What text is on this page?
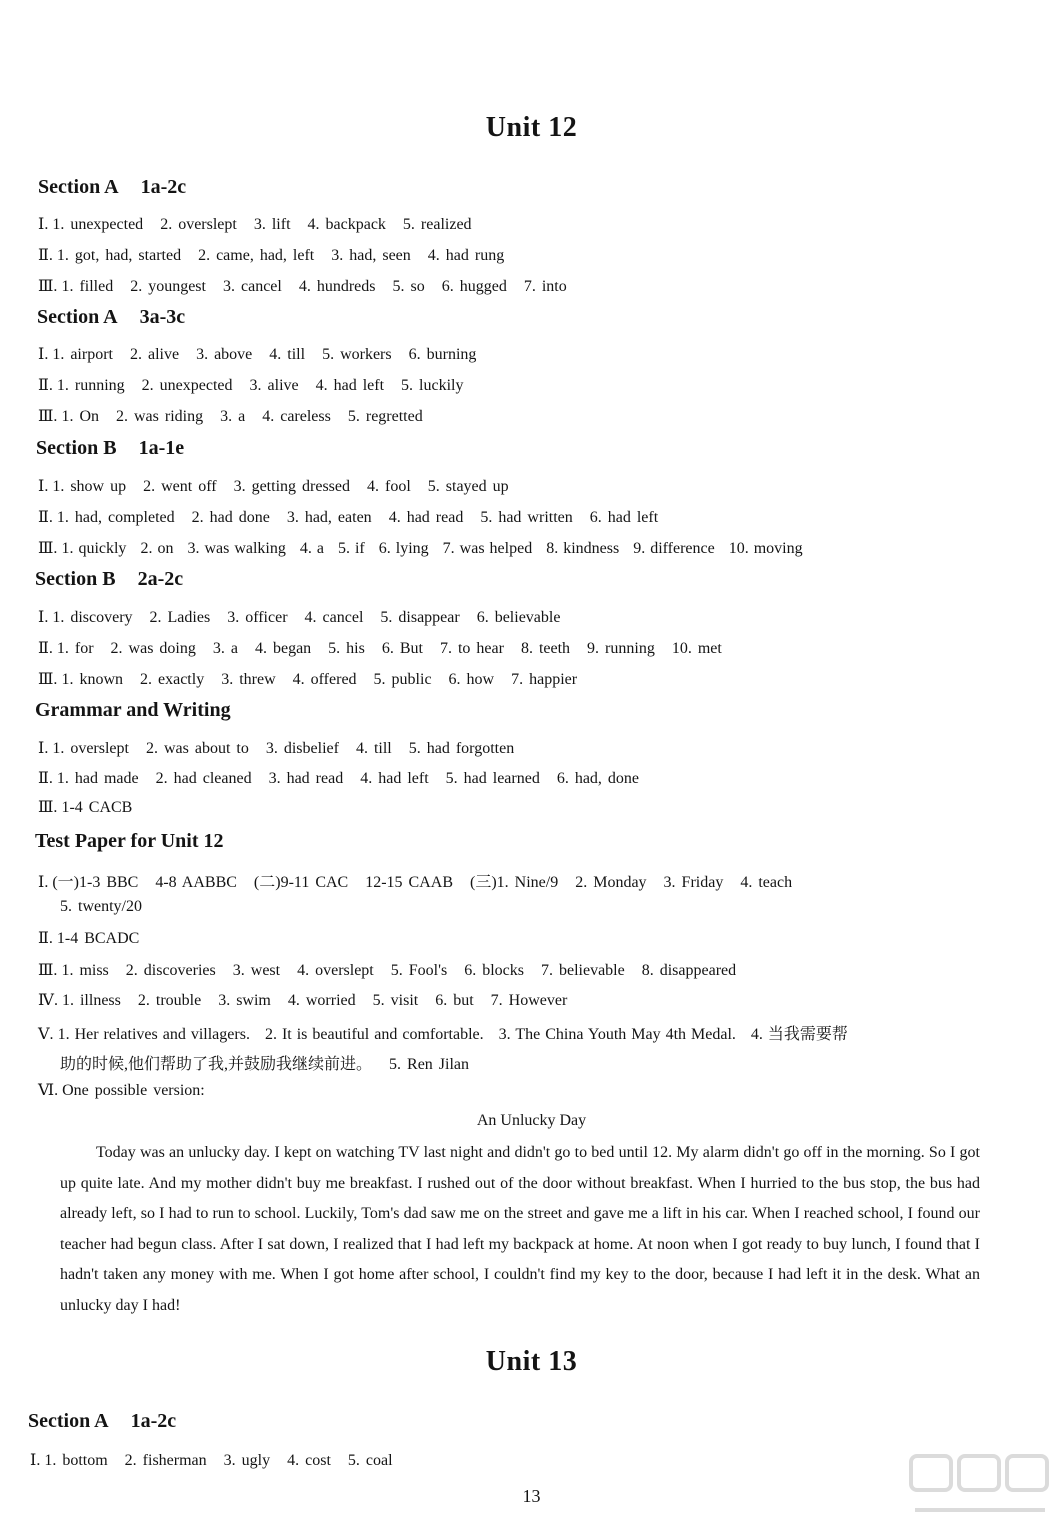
Unit 12
Section A 1a-2c
Ⅰ. 1. unexpected 2. overslept 3. lift 4. backpack 5. realized
Ⅱ. 1. got, had, started 2. came, had, left 3. had, seen 4. had rung
Ⅲ. 1. filled 2. youngest 3. cancel 4. hundreds 5. so 6. hugged 7. into
Section A 3a-3c
Ⅰ. 1. airport 2. alive 3. above 4. till 5. workers 6. burning
Ⅱ. 1. running 2. unexpected 3. alive 4. had left 5. luckily
Ⅲ. 1. On 2. was riding 3. a 4. careless 5. regretted
Section B 1a-1e
Ⅰ. 1. show up 2. went off 3. getting dressed 4. fool 5. stayed up
Ⅱ. 1. had, completed 2. had done 3. had, eaten 4. had read 5. had written 6. had left
Ⅲ. 1. quickly 2. on 3. was walking 4. a 5. if 6. lying 7. was helped 8. kindness 9. difference 10. moving
Section B 2a-2c
Ⅰ. 1. discovery 2. Ladies 3. officer 4. cancel 5. disappear 6. believable
Ⅱ. 1. for 2. was doing 3. a 4. began 5. his 6. But 7. to hear 8. teeth 9. running 10. met
Ⅲ. 1. known 2. exactly 3. threw 4. offered 5. public 6. how 7. happier
Grammar and Writing
Ⅰ. 1. overslept 2. was about to 3. disbelief 4. till 5. had forgotten
Ⅱ. 1. had made 2. had cleaned 3. had read 4. had left 5. had learned 6. had, done
Ⅲ. 1-4 CACB
Test Paper for Unit 12
Ⅰ. (一)1-3 BBC 4-8 AABBC (二)9-11 CAC 12-15 CAAB (三)1. Nine/9 2. Monday 3. Friday 4. teach
5. twenty/20
Ⅱ. 1-4 BCADC
Ⅲ. 1. miss 2. discoveries 3. west 4. overslept 5. Fool's 6. blocks 7. believable 8. disappeared
Ⅳ. 1. illness 2. trouble 3. swim 4. worried 5. visit 6. but 7. However
Ⅴ. 1. Her relatives and villagers. 2. It is beautiful and comfortable. 3. The China Youth May 4th Medal. 4. 当我需要帮
助的时候,他们帮助了我,并鼓励我继续前进。 5. Ren Jilan
Ⅵ. One possible version:
An Unlucky Day
Today was an unlucky day. I kept on watching TV last night and didn't go to bed until 12. My alarm didn't go off in the morning. So I got up quite late. And my mother didn't buy me breakfast. I rushed out of the door without breakfast. When I hurried to the bus stop, the bus had already left, so I had to run to school. Luckily, Tom's dad saw me on the street and gave me a lift in his car. When I reached school, I found our teacher had begun class. After I sat down, I realized that I had left my backpack at home. At noon when I got ready to buy lunch, I found that I hadn't taken any money with me. When I got home after school, I couldn't find my key to the door, because I had left it in the desk. What an unlucky day I had!
Unit 13
Section A 1a-2c
Ⅰ. 1. bottom 2. fisherman 3. ugly 4. cost 5. coal
13
